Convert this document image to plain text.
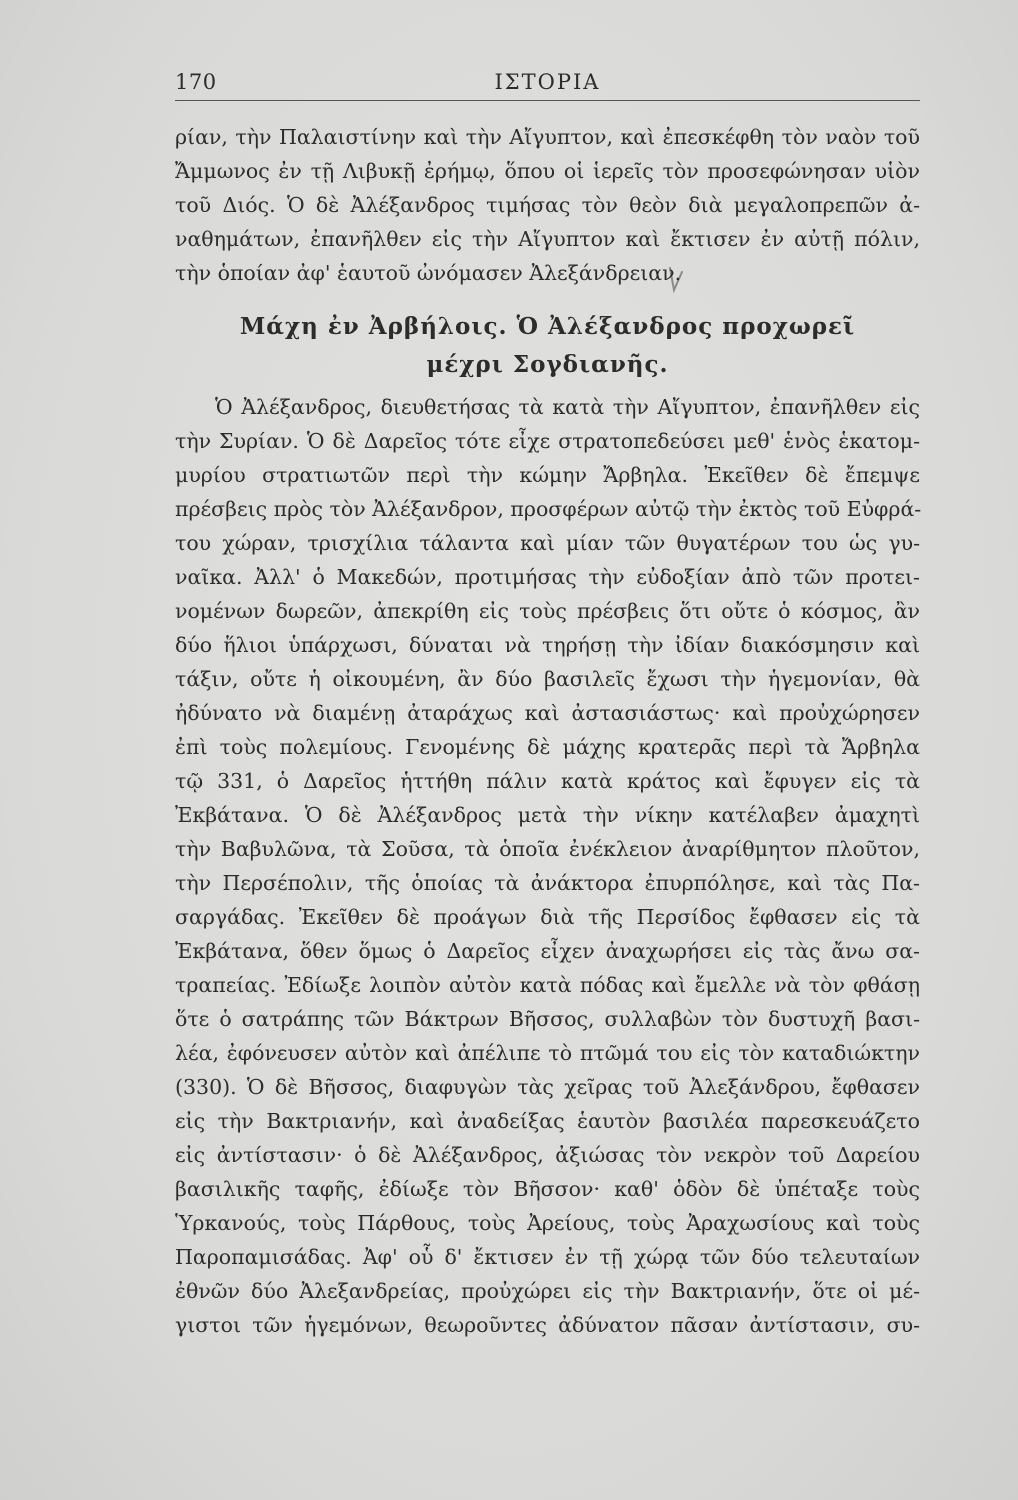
170	ΙΣΤΟΡΙΑ
ρίαν, τὴν Παλαιστίνην καὶ τὴν Αἴγυπτον, καὶ ἐπεσκέφθη τὸν ναὸν τοῦ
Ἄμμωνος ἐν τῇ Λιβυκῇ ἐρήμῳ, ὅπου οἱ ἱερεῖς τὸν προσεφώνησαν υἱὸν
τοῦ Διός. Ὁ δὲ Ἀλέξανδρος τιμήσας τὸν θεὸν διὰ μεγαλοπρεπῶν ἀ-
ναθημάτων, ἐπανῆλθεν εἰς τὴν Αἴγυπτον καὶ ἔκτισεν ἐν αὐτῇ πόλιν,
τὴν ὁποίαν ἀφ' ἑαυτοῦ ὠνόμασεν Ἀλεξάνδρειαν.
Μάχη ἐν Ἀρβήλοις. Ὁ Ἀλέξανδρος προχωρεῖ
μέχρι Σογδιανῆς.
Ὁ Ἀλέξανδρος, διευθετήσας τὰ κατὰ τὴν Αἴγυπτον, ἐπανῆλθεν εἰς
τὴν Συρίαν. Ὁ δὲ Δαρεῖος τότε εἶχε στρατοπεδεύσει μεθ' ἑνὸς ἑκατομ-
μυρίου στρατιωτῶν περὶ τὴν κώμην Ἄρβηλα. Ἐκεῖθεν δὲ ἔπεμψε
πρέσβεις πρὸς τὸν Ἀλέξανδρον, προσφέρων αὐτῷ τὴν ἐκτὸς τοῦ Εὐφρά-
του χώραν, τρισχίλια τάλαντα καὶ μίαν τῶν θυγατέρων του ὡς γυ-
ναῖκα. Ἀλλ' ὁ Μακεδών, προτιμήσας τὴν εὐδοξίαν ἀπὸ τῶν προτει-
νομένων δωρεῶν, ἀπεκρίθη εἰς τοὺς πρέσβεις ὅτι οὔτε ὁ κόσμος, ἂν
δύο ἥλιοι ὑπάρχωσι, δύναται νὰ τηρήσῃ τὴν ἰδίαν διακόσμησιν καὶ
τάξιν, οὔτε ἡ οἰκουμένη, ἂν δύο βασιλεῖς ἔχωσι τὴν ἡγεμονίαν, θὰ
ἠδύνατο νὰ διαμένῃ ἀταράχως καὶ ἀστασιάστως· καὶ προὐχώρησεν
ἐπὶ τοὺς πολεμίους. Γενομένης δὲ μάχης κρατερᾶς περὶ τὰ Ἄρβηλα
τῷ 331, ὁ Δαρεῖος ἡττήθη πάλιν κατὰ κράτος καὶ ἔφυγεν εἰς τὰ
Ἐκβάτανα. Ὁ δὲ Ἀλέξανδρος μετὰ τὴν νίκην κατέλαβεν ἀμαχητὶ
τὴν Βαβυλῶνα, τὰ Σοῦσα, τὰ ὁποῖα ἐνέκλειον ἀναρίθμητον πλοῦτον,
τὴν Περσέπολιν, τῆς ὁποίας τὰ ἀνάκτορα ἐπυρπόλησε, καὶ τὰς Πα-
σαργάδας. Ἐκεῖθεν δὲ προάγων διὰ τῆς Περσίδος ἔφθασεν εἰς τὰ
Ἐκβάτανα, ὅθεν ὅμως ὁ Δαρεῖος εἶχεν ἀναχωρήσει εἰς τὰς ἄνω σα-
τραπείας. Ἐδίωξε λοιπὸν αὐτὸν κατὰ πόδας καὶ ἔμελλε νὰ τὸν φθάσῃ
ὅτε ὁ σατράπης τῶν Βάκτρων Βῆσσος, συλλαβὼν τὸν δυστυχῆ βασι-
λέα, ἐφόνευσεν αὐτὸν καὶ ἀπέλιπε τὸ πτῶμά του εἰς τὸν καταδιώκτην
(330). Ὁ δὲ Βῆσσος, διαφυγὼν τὰς χεῖρας τοῦ Ἀλεξάνδρου, ἔφθασεν
εἰς τὴν Βακτριανήν, καὶ ἀναδείξας ἑαυτὸν βασιλέα παρεσκευάζετο
εἰς ἀντίστασιν· ὁ δὲ Ἀλέξανδρος, ἀξιώσας τὸν νεκρὸν τοῦ Δαρείου
βασιλικῆς ταφῆς, ἐδίωξε τὸν Βῆσσον· καθ' ὁδὸν δὲ ὑπέταξε τοὺς
Ὑρκανούς, τοὺς Πάρθους, τοὺς Ἀρείους, τοὺς Ἀραχωσίους καὶ τοὺς
Παροπαμισάδας. Ἀφ' οὗ δ' ἔκτισεν ἐν τῇ χώρᾳ τῶν δύο τελευταίων
ἐθνῶν δύο Ἀλεξανδρείας, προὐχώρει εἰς τὴν Βακτριανήν, ὅτε οἱ μέ-
γιστοι τῶν ἡγεμόνων, θεωροῦντες ἀδύνατον πᾶσαν ἀντίστασιν, συ-
